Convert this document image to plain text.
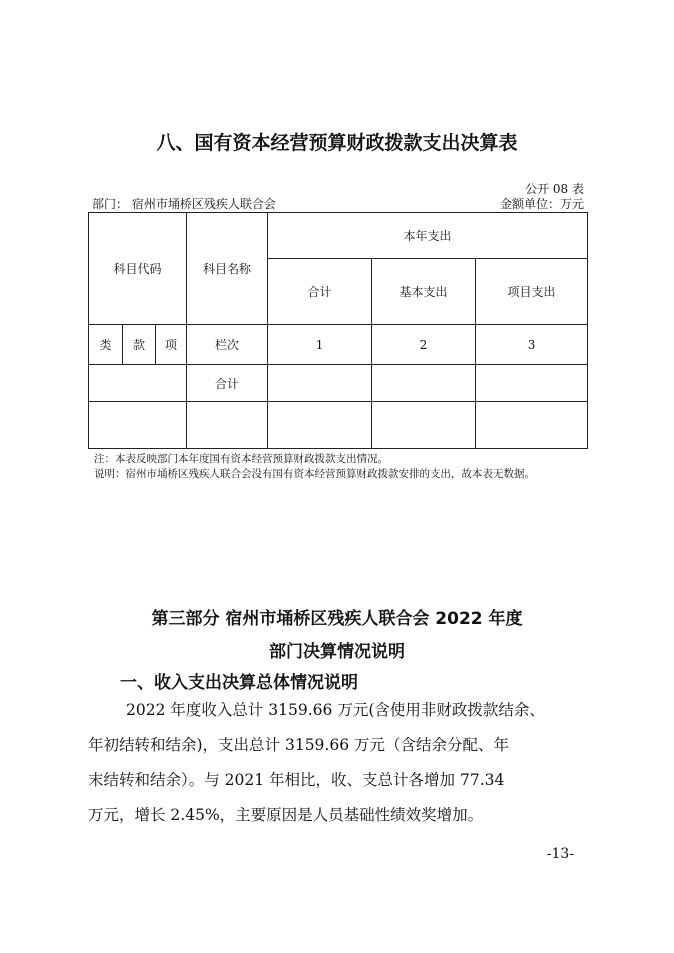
八、国有资本经营预算财政拨款支出决算表
公开 08 表
部门： 宿州市埇桥区残疾人联合会	金额单位：万元
科目代码			科目名称	本年支出		
				合计	基本支出	项目支出
类	款	项	栏次	1	2	3
			合计			

注：本表反映部门本年度国有资本经营预算财政拨款支出情况。
说明：宿州市埇桥区残疾人联合会没有国有资本经营预算财政拨款安排的支出，故本表无数据。
第三部分 宿州市埇桥区残疾人联合会 2022 年度
部门决算情况说明
一、收入支出决算总体情况说明
2022 年度收入总计 3159.66 万元(含使用非财政拨款结余、
年初结转和结余)，支出总计 3159.66 万元（含结余分配、年
末结转和结余）。与 2021 年相比，收、支总计各增加 77.34
万元，增长 2.45%，主要原因是人员基础性绩效奖增加。
-13-
